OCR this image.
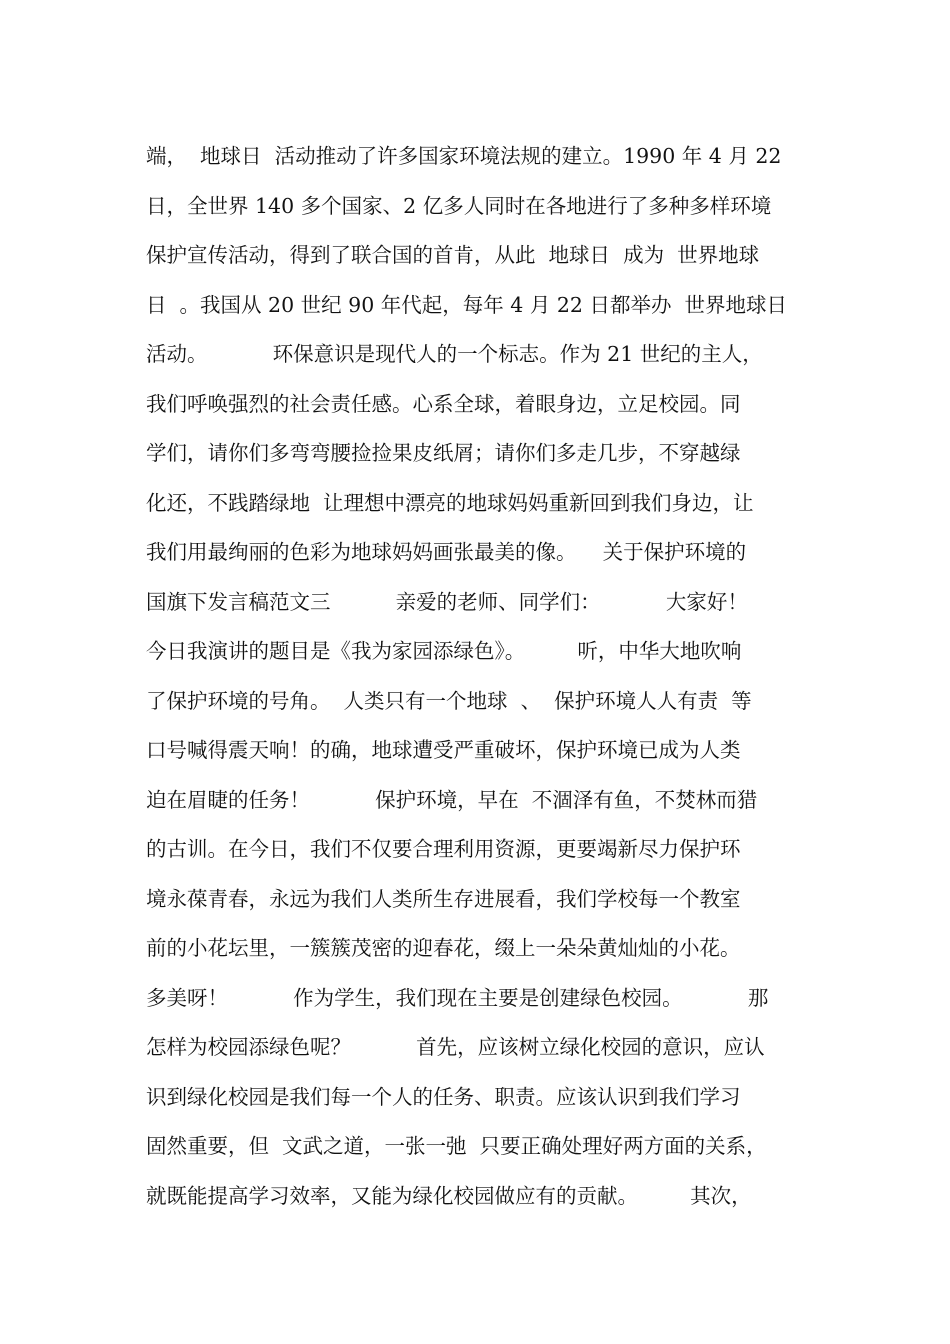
端，  地球日  活动推动了许多国家环境法规的建立。1990 年 4 月 22
日，全世界 140 多个国家、2 亿多人同时在各地进行了多种多样环境
保护宣传活动，得到了联合国的首肯，从此  地球日  成为  世界地球
日  。我国从 20 世纪 90 年代起，每年 4 月 22 日都举办  世界地球日
活动。          环保意识是现代人的一个标志。作为 21 世纪的主人，
我们呼唤强烈的社会责任感。心系全球，着眼身边，立足校园。同
学们，请你们多弯弯腰捡捡果皮纸屑；请你们多走几步，不穿越绿
化还，不践踏绿地  让理想中漂亮的地球妈妈重新回到我们身边，让
我们用最绚丽的色彩为地球妈妈画张最美的像。    关于保护环境的
国旗下发言稿范文三          亲爱的老师、同学们：          大家好！
今日我演讲的题目是《我为家园添绿色》。        听，中华大地吹响
了保护环境的号角。  人类只有一个地球  、  保护环境人人有责  等
口号喊得震天响！的确，地球遭受严重破坏，保护环境已成为人类
迫在眉睫的任务！          保护环境，早在  不涸泽有鱼，不焚林而猎
的古训。在今日，我们不仅要合理利用资源，更要竭新尽力保护环
境永葆青春，永远为我们人类所生存进展看，我们学校每一个教室
前的小花坛里，一簇簇茂密的迎春花，缀上一朵朵黄灿灿的小花。
多美呀！          作为学生，我们现在主要是创建绿色校园。          那
怎样为校园添绿色呢？          首先，应该树立绿化校园的意识，应认
识到绿化校园是我们每一个人的任务、职责。应该认识到我们学习
固然重要，但  文武之道，一张一弛  只要正确处理好两方面的关系，
就既能提高学习效率，又能为绿化校园做应有的贡献。        其次，
